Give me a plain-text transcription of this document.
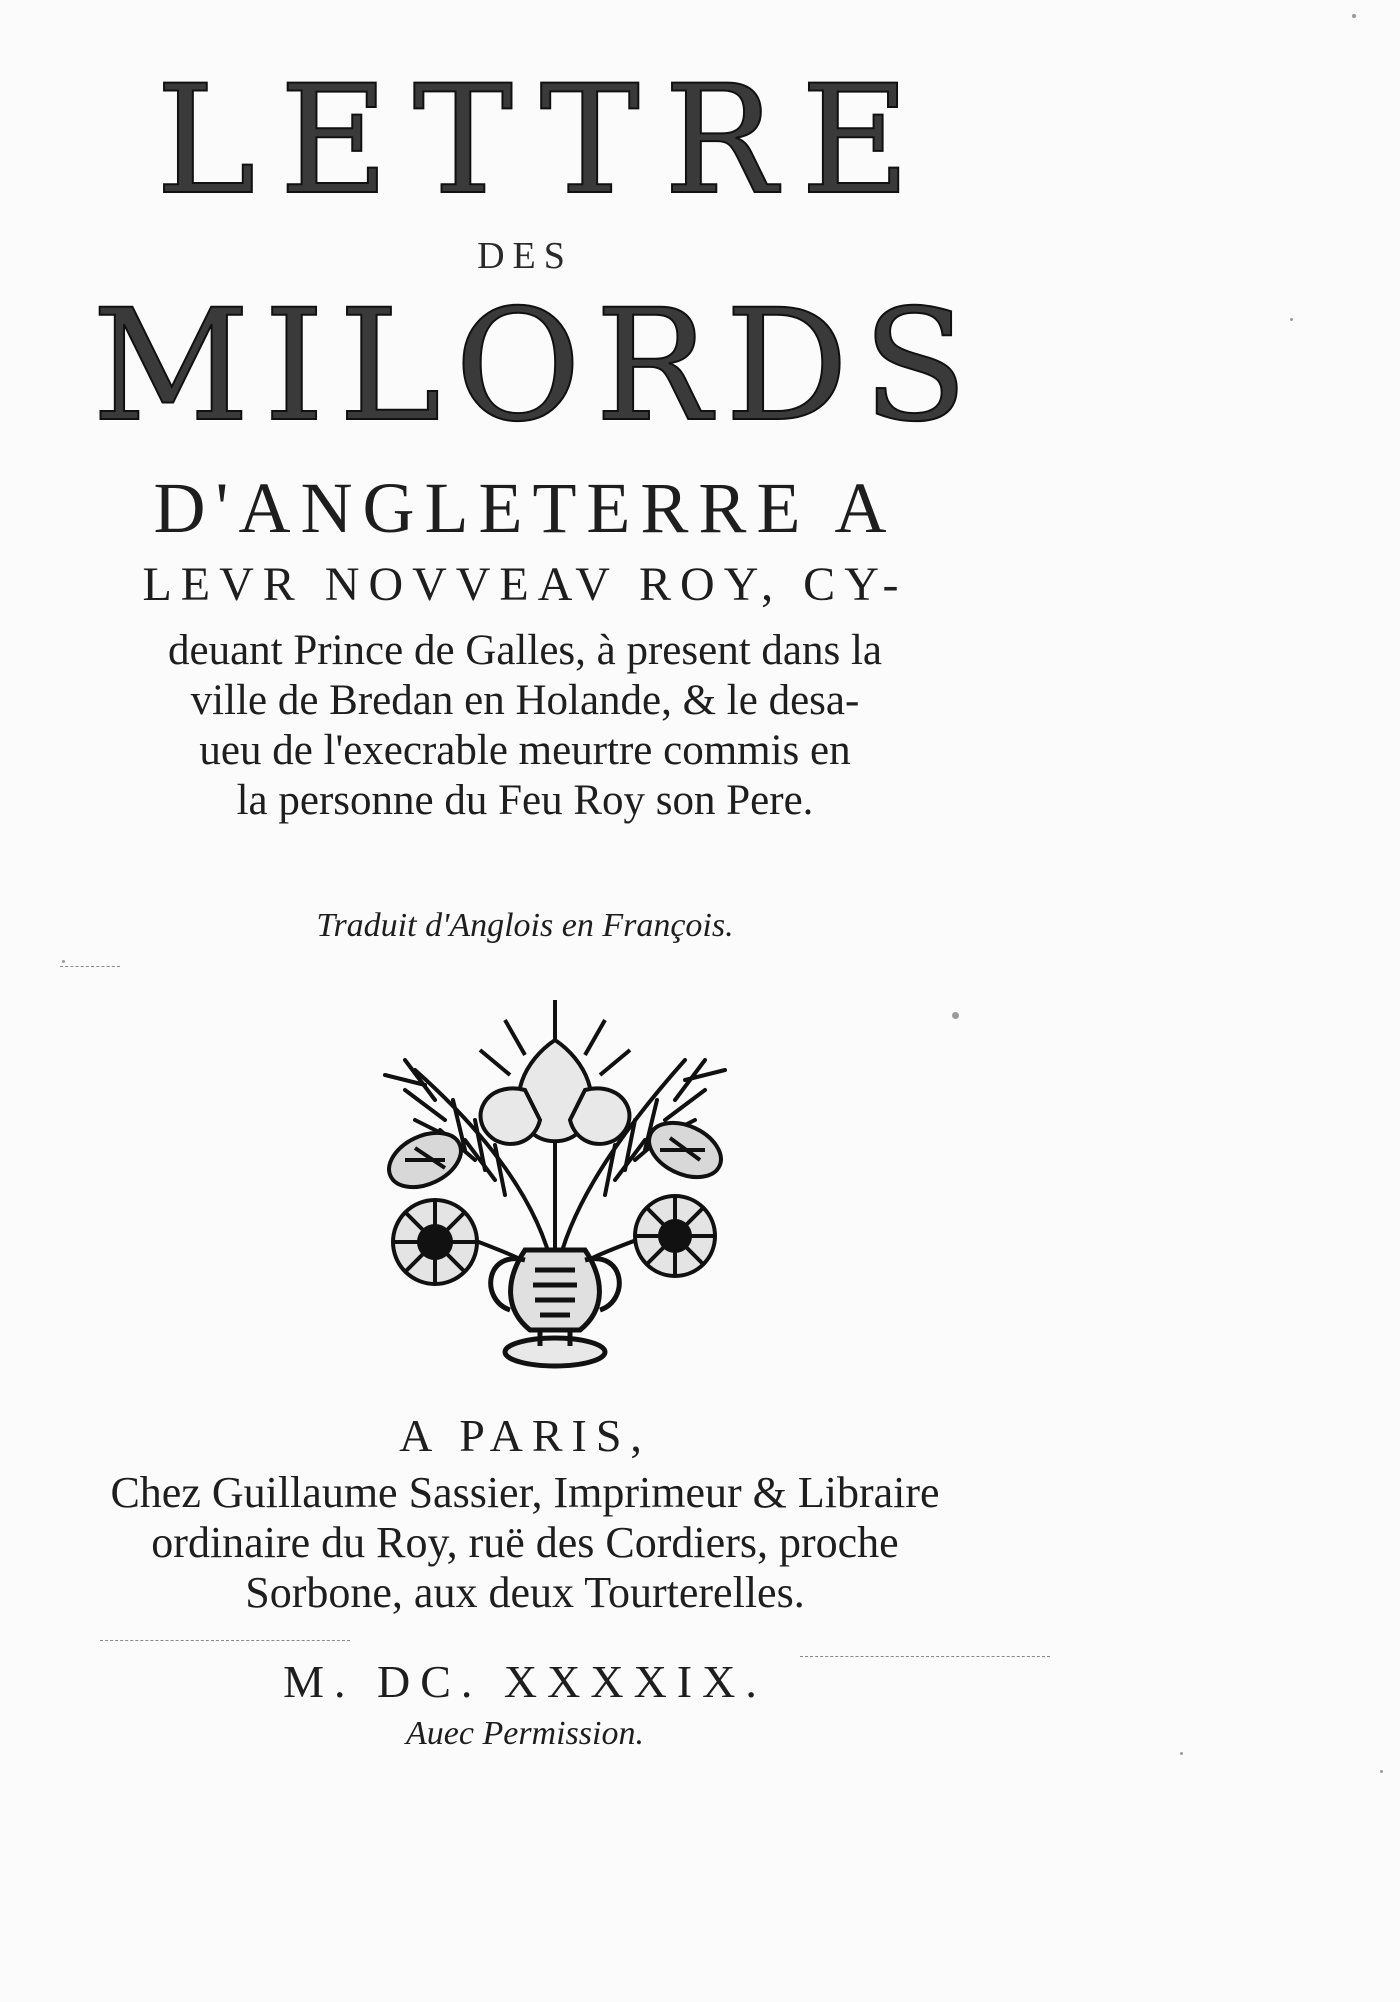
LETTRE
DES
MILORDS
D'ANGLETERRE A
LEVR NOVVEAV ROY, CY-
deuant Prince de Galles, à present dans la
ville de Bredan en Holande, & le desa-
ueu de l'execrable meurtre commis en
la personne du Feu Roy son Pere.
Traduit d'Anglois en François.
A PARIS,
Chez Guillaume Sassier, Imprimeur & Libraire
ordinaire du Roy, ruë des Cordiers, proche
Sorbone, aux deux Tourterelles.
M. DC. XXXXIX.
Auec Permission.
